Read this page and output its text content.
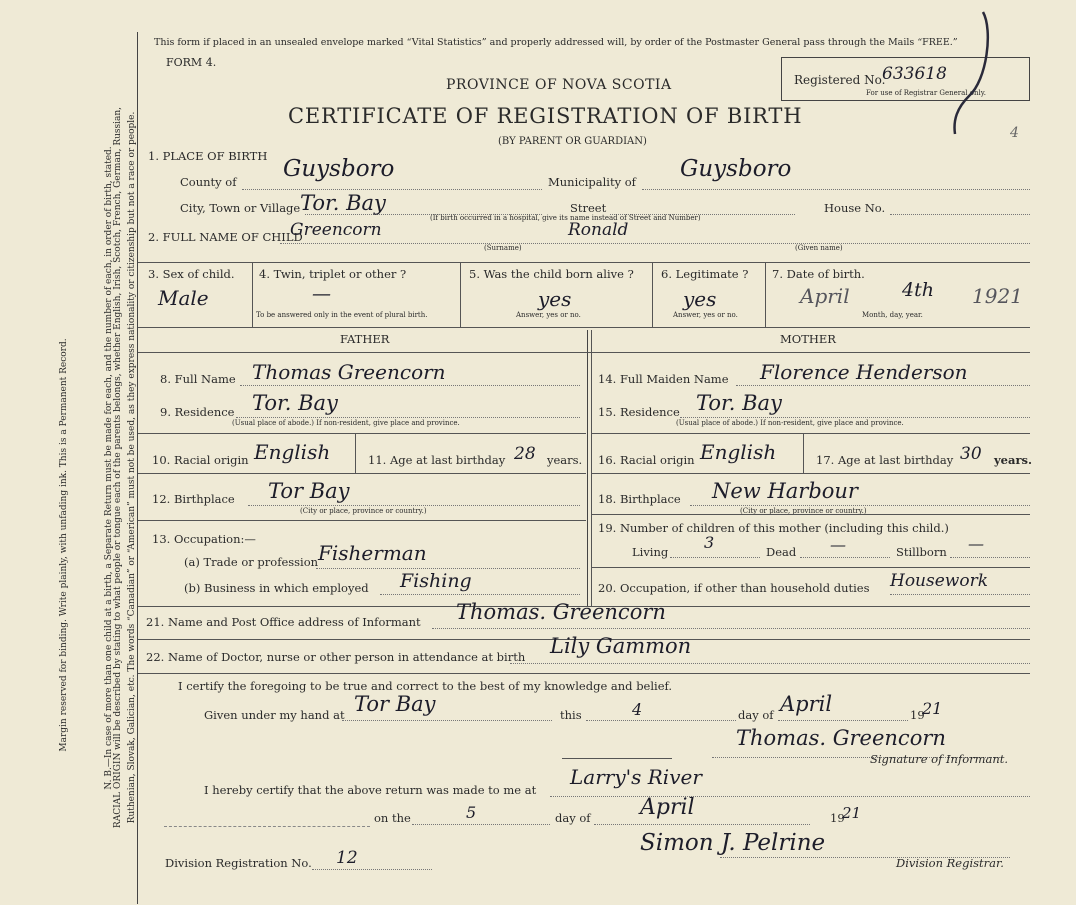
Margin reserved for binding. Write plainly, with unfading ink. This is a Permanent Record.	N. B.—In case of more than one child at a birth, a Separate Return must be made for each, and the number of each, in order of birth, stated. RACIAL ORIGIN will be described by stating to what people or tongue each of the parents belongs, whether English, Irish, Scotch, French, German, Russian, Ruthenian, Slovak, Galician, etc. The words “Canadian” or “American” must not be used, as they express nationality or citizenship but not a race or people.
This form if placed in an unsealed envelope marked “Vital Statistics” and properly addressed will, by order of the Postmaster General pass through the Mails “FREE.”
FORM 4.
PROVINCE OF NOVA SCOTIA
CERTIFICATE OF REGISTRATION OF BIRTH
(BY PARENT OR GUARDIAN)
Registered No.
633618
For use of Registrar General only.
4
1. PLACE OF BIRTH
County of Guysboro	Municipality of Guysboro
City, Town or Village Tor. Bay	Street
(If birth occurred in a hospital, give its name instead of Street and Number)
House No.
2. FULL NAME OF CHILD
Greencorn	Ronald
(Surname)	(Given name)
3. Sex of child.
Male
4. Twin, triplet or other ?
—
To be answered only in the event of plural birth.
5. Was the child born alive ?
yes
Answer, yes or no.
6. Legitimate ?
yes
Answer, yes or no.
7. Date of birth.
April	4th 1921
Month, day, year.
FATHER	MOTHER
8. Full Name Thomas Greencorn
9. Residence Tor. Bay
(Usual place of abode.) If non-resident, give place and province.
10. Racial origin English	11. Age at last birthday 28 years.
12. Birthplace Tor Bay
(City or place, province or country.)
13. Occupation:—
(a) Trade or profession Fisherman
(b) Business in which employed Fishing
14. Full Maiden Name Florence Henderson
15. Residence Tor. Bay
(Usual place of abode.) If non-resident, give place and province.
16. Racial origin English	17. Age at last birthday 30 years.
18. Birthplace New Harbour
(City or place, province or country.)
19. Number of children of this mother (including this child.)
Living 3	Dead —	Stillborn —
20. Occupation, if other than household duties Housework
21. Name and Post Office address of Informant Thomas. Greencorn
22. Name of Doctor, nurse or other person in attendance at birth Lily Gammon
I certify the foregoing to be true and correct to the best of my knowledge and belief.
Given under my hand at Tor Bay	this	4	day of April	19
21
Thomas. Greencorn
Signature of Informant.
I hereby certify that the above return was made to me at
Larry's River
on the	5	day of April	19
21
Division Registration No. 12
Simon J. Pelrine
Division Registrar.
